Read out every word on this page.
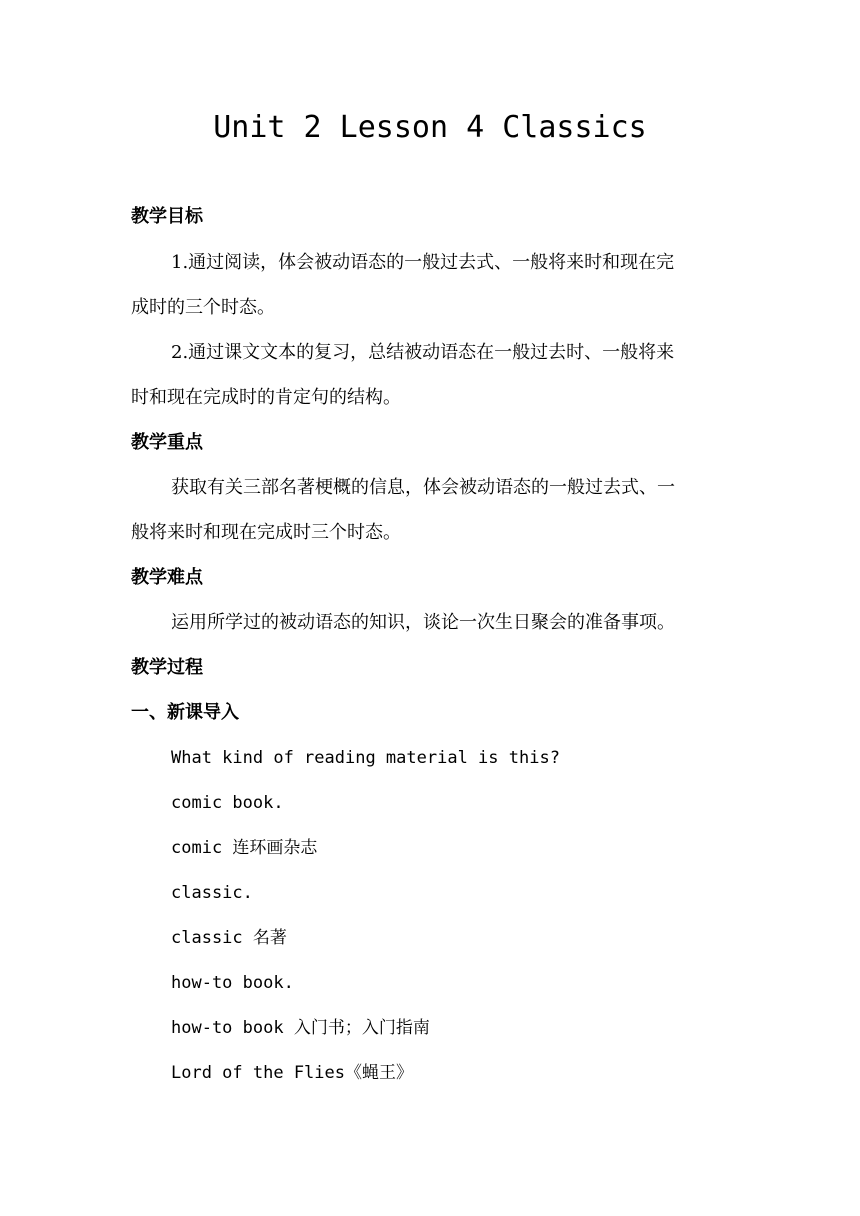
Unit 2 Lesson 4 Classics
教学目标
1.通过阅读，体会被动语态的一般过去式、一般将来时和现在完
成时的三个时态。
2.通过课文文本的复习，总结被动语态在一般过去时、一般将来
时和现在完成时的肯定句的结构。
教学重点
获取有关三部名著梗概的信息，体会被动语态的一般过去式、一
般将来时和现在完成时三个时态。
教学难点
运用所学过的被动语态的知识，谈论一次生日聚会的准备事项。
教学过程
一、新课导入
What kind of reading material is this?
comic book.
comic 连环画杂志
classic.
classic 名著
how-to book.
how-to book 入门书；入门指南
Lord of the Flies《蝇王》
